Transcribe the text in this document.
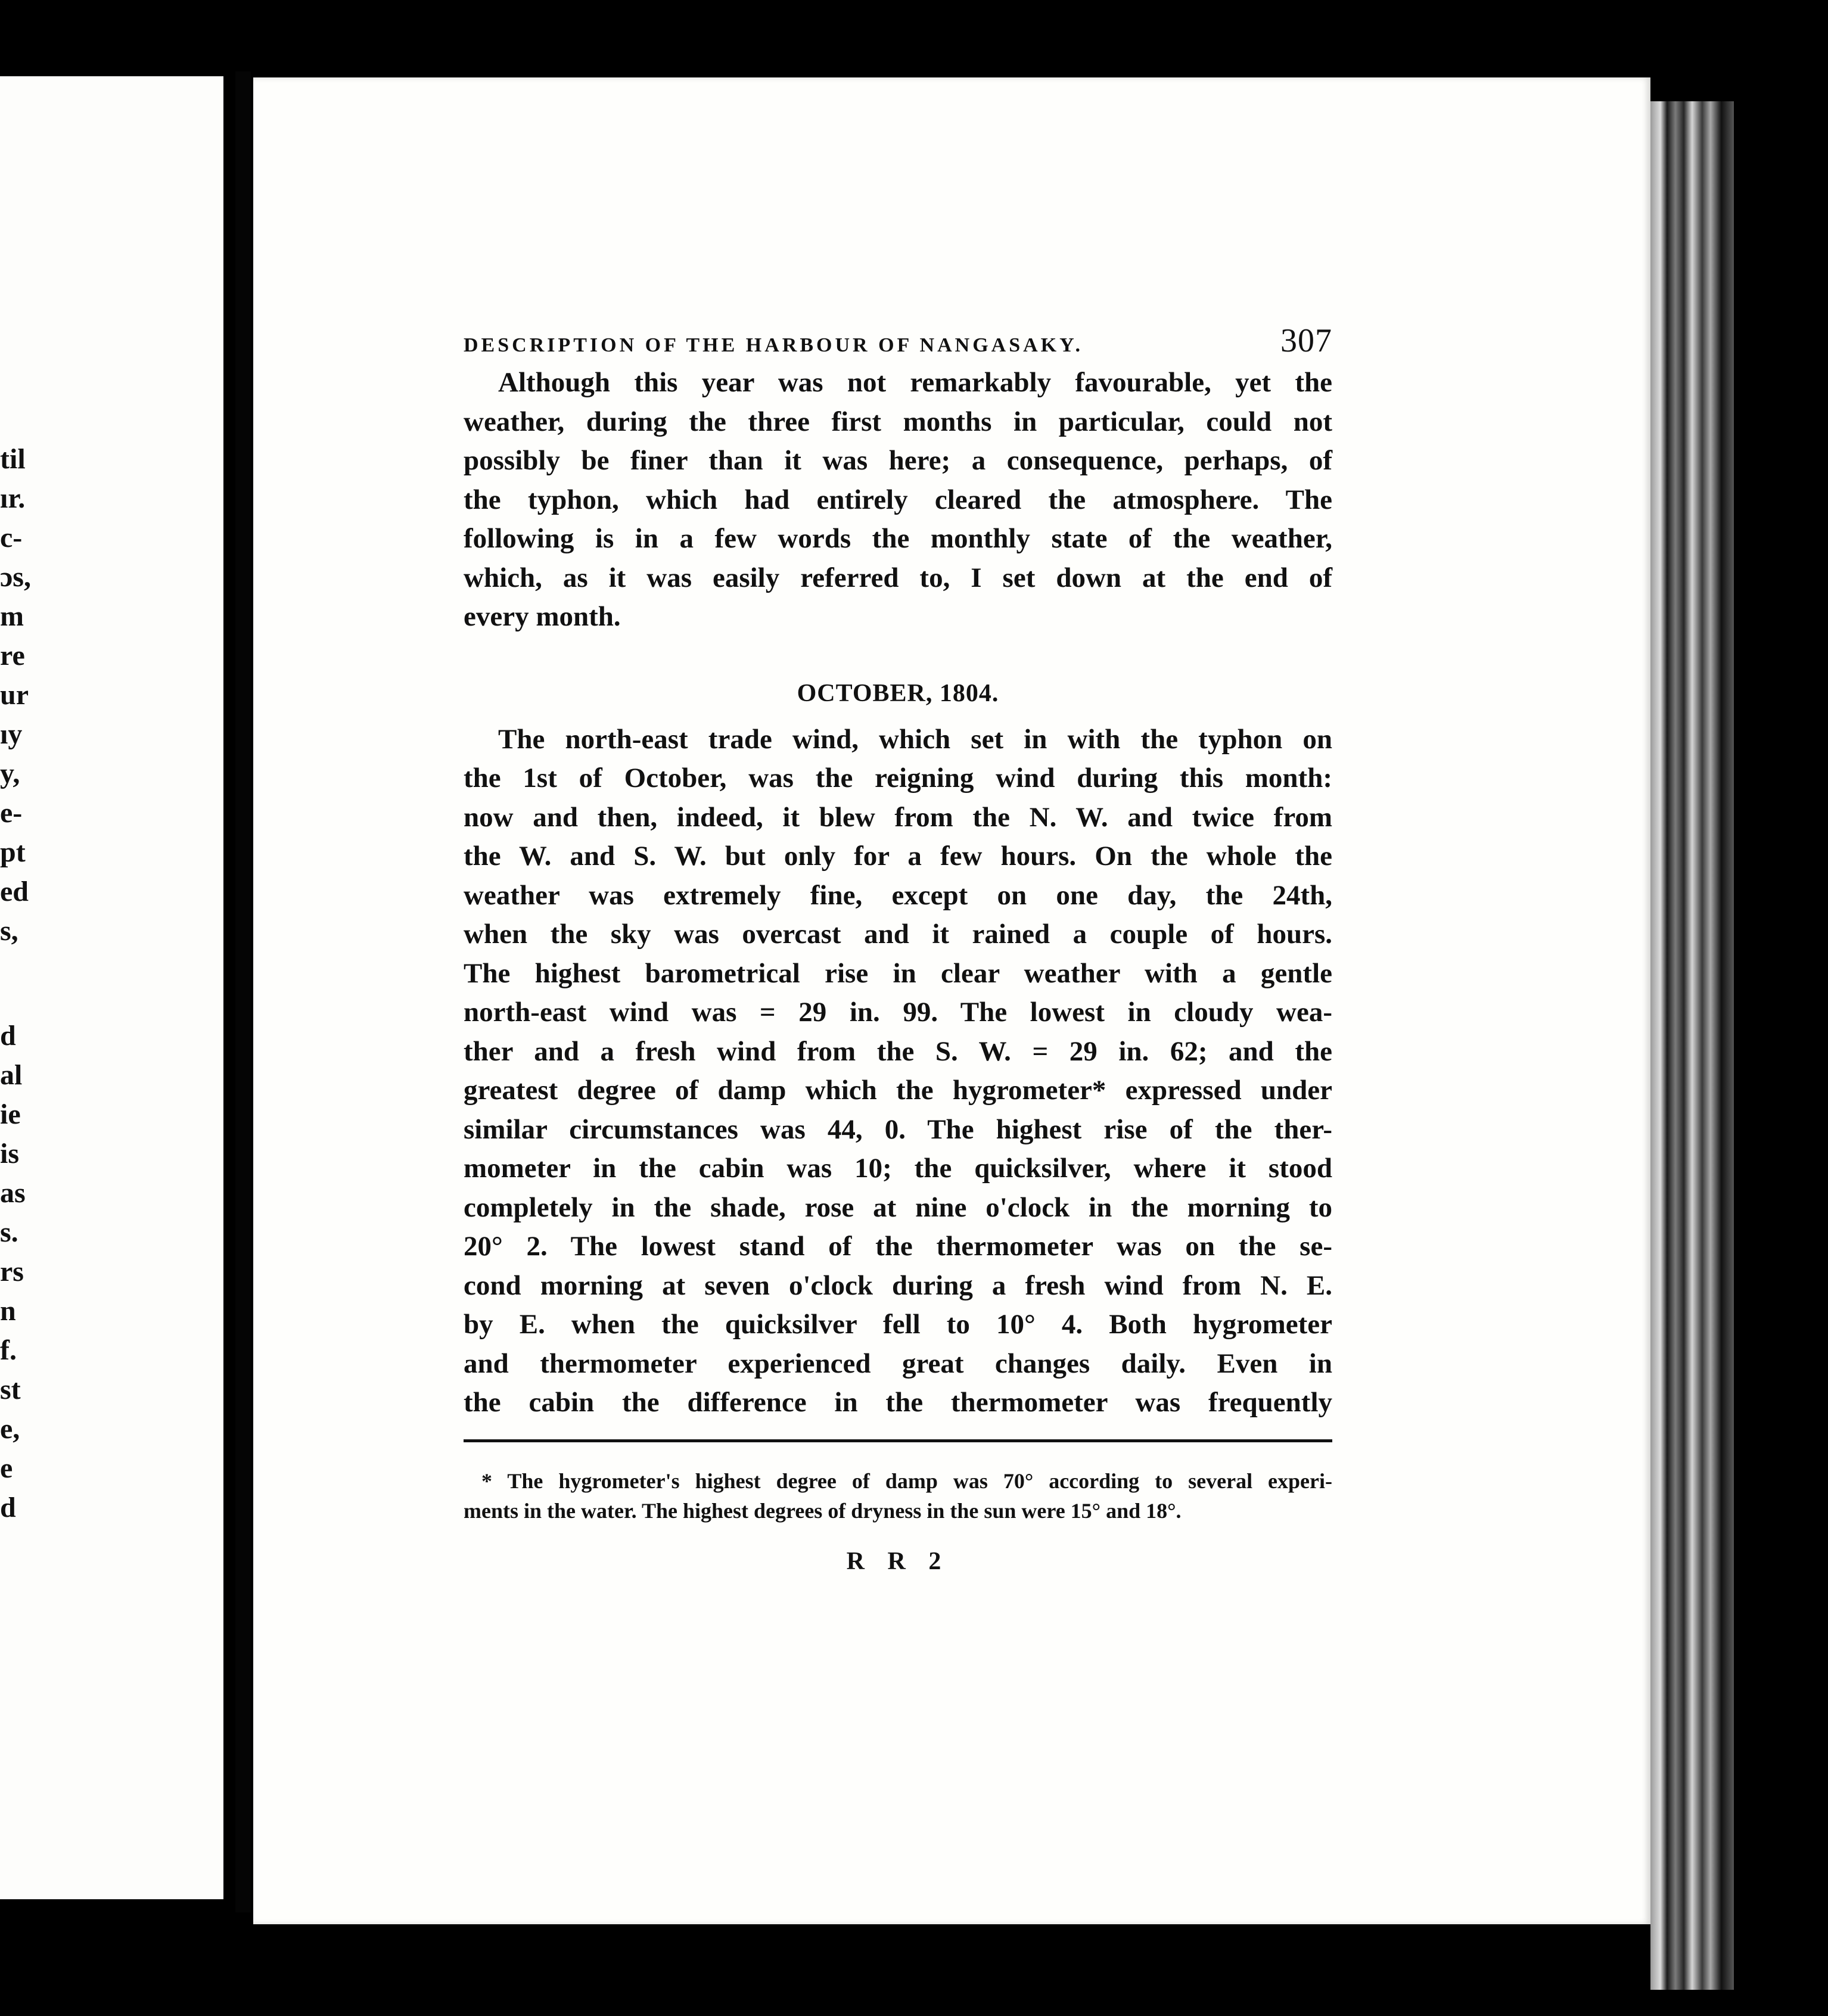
til
ır.
c-
ɔs,
m
re
ur
ıy
y,
e-
pt
ed
s,
d
al
ie
is
as
s.
rs
n
f.
st
e,
e
d
DESCRIPTION OF THE HARBOUR OF NANGASAKY.	307
Although this year was not remarkably favourable, yet the
weather, during the three first months in particular, could not
possibly be finer than it was here; a consequence, perhaps, of
the typhon, which had entirely cleared the atmosphere. The
following is in a few words the monthly state of the weather,
which, as it was easily referred to, I set down at the end of
every month.
OCTOBER, 1804.
The north-east trade wind, which set in with the typhon on
the 1st of October, was the reigning wind during this month:
now and then, indeed, it blew from the N. W. and twice from
the W. and S. W. but only for a few hours. On the whole the
weather was extremely fine, except on one day, the 24th,
when the sky was overcast and it rained a couple of hours.
The highest barometrical rise in clear weather with a gentle
north-east wind was = 29 in. 99. The lowest in cloudy wea-
ther and a fresh wind from the S. W. = 29 in. 62; and the
greatest degree of damp which the hygrometer* expressed under
similar circumstances was 44, 0. The highest rise of the ther-
mometer in the cabin was 10; the quicksilver, where it stood
completely in the shade, rose at nine o'clock in the morning to
20° 2. The lowest stand of the thermometer was on the se-
cond morning at seven o'clock during a fresh wind from N. E.
by E. when the quicksilver fell to 10° 4. Both hygrometer
and thermometer experienced great changes daily. Even in
the cabin the difference in the thermometer was frequently
* The hygrometer's highest degree of damp was 70° according to several experi-
ments in the water. The highest degrees of dryness in the sun were 15° and 18°.
R R 2
